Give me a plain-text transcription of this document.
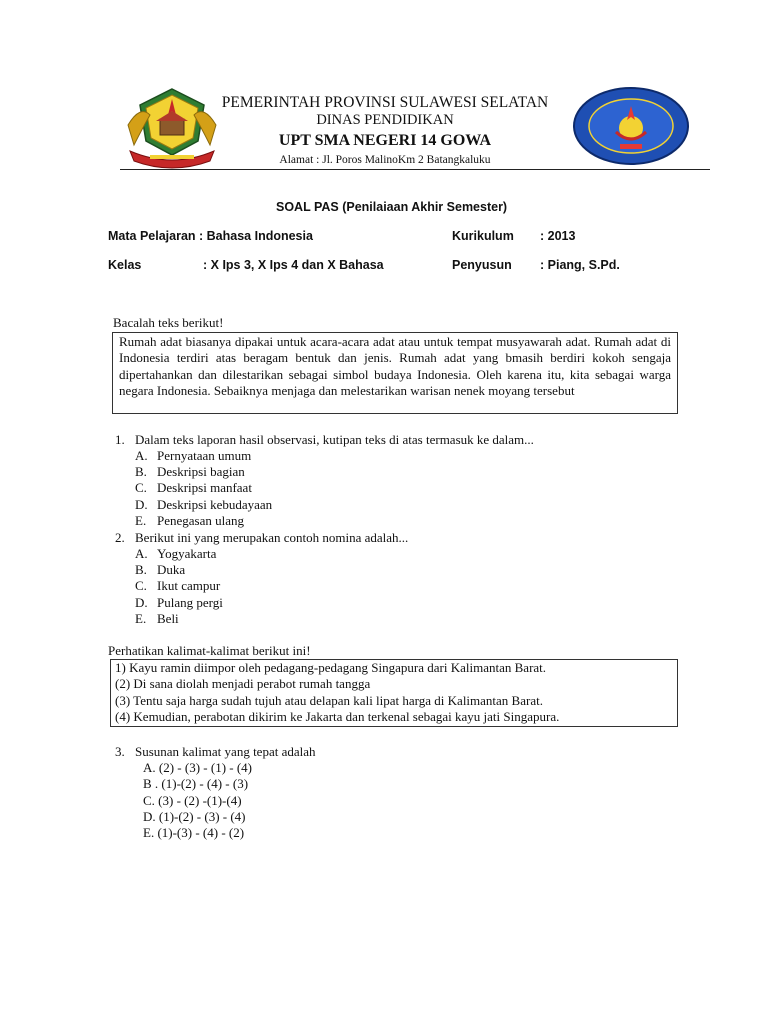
PEMERINTAH PROVINSI SULAWESI SELATAN
DINAS PENDIDIKAN
UPT SMA NEGERI 14 GOWA
Alamat : Jl. Poros MalinoKm 2 Batangkaluku
SOAL PAS (Penilaiaan Akhir Semester)
Mata Pelajaran : Bahasa Indonesia	Kurikulum : 2013
Kelas	: X Ips 3, X Ips 4 dan X Bahasa	Penyusun : Piang, S.Pd.
Bacalah teks berikut!
Rumah adat biasanya dipakai untuk acara-acara adat atau untuk tempat musyawarah adat. Rumah adat di Indonesia terdiri atas beragam bentuk dan jenis. Rumah adat yang bmasih berdiri kokoh sengaja dipertahankan dan dilestarikan sebagai simbol budaya Indonesia. Oleh karena itu, kita sebagai warga negara Indonesia. Sebaiknya menjaga dan melestarikan warisan nenek moyang tersebut
1. Dalam teks laporan hasil observasi, kutipan teks di atas termasuk ke dalam...
A. Pernyataan umum
B. Deskripsi bagian
C. Deskripsi manfaat
D. Deskripsi kebudayaan
E. Penegasan ulang
2. Berikut ini yang merupakan contoh nomina adalah...
A. Yogyakarta
B. Duka
C. Ikut campur
D. Pulang pergi
E. Beli
Perhatikan kalimat-kalimat berikut ini!
1) Kayu ramin diimpor oleh pedagang-pedagang Singapura dari Kalimantan Barat.
(2) Di sana diolah menjadi perabot rumah tangga
(3) Tentu saja harga sudah tujuh atau delapan kali lipat harga di Kalimantan Barat.
(4) Kemudian, perabotan dikirim ke Jakarta dan terkenal sebagai kayu jati Singapura.
3. Susunan kalimat yang tepat adalah
A. (2) - (3) - (1) - (4)
B . (1)-(2) - (4) - (3)
C. (3) - (2) -(1)-(4)
D. (1)-(2) - (3) - (4)
E. (1)-(3) - (4) - (2)
